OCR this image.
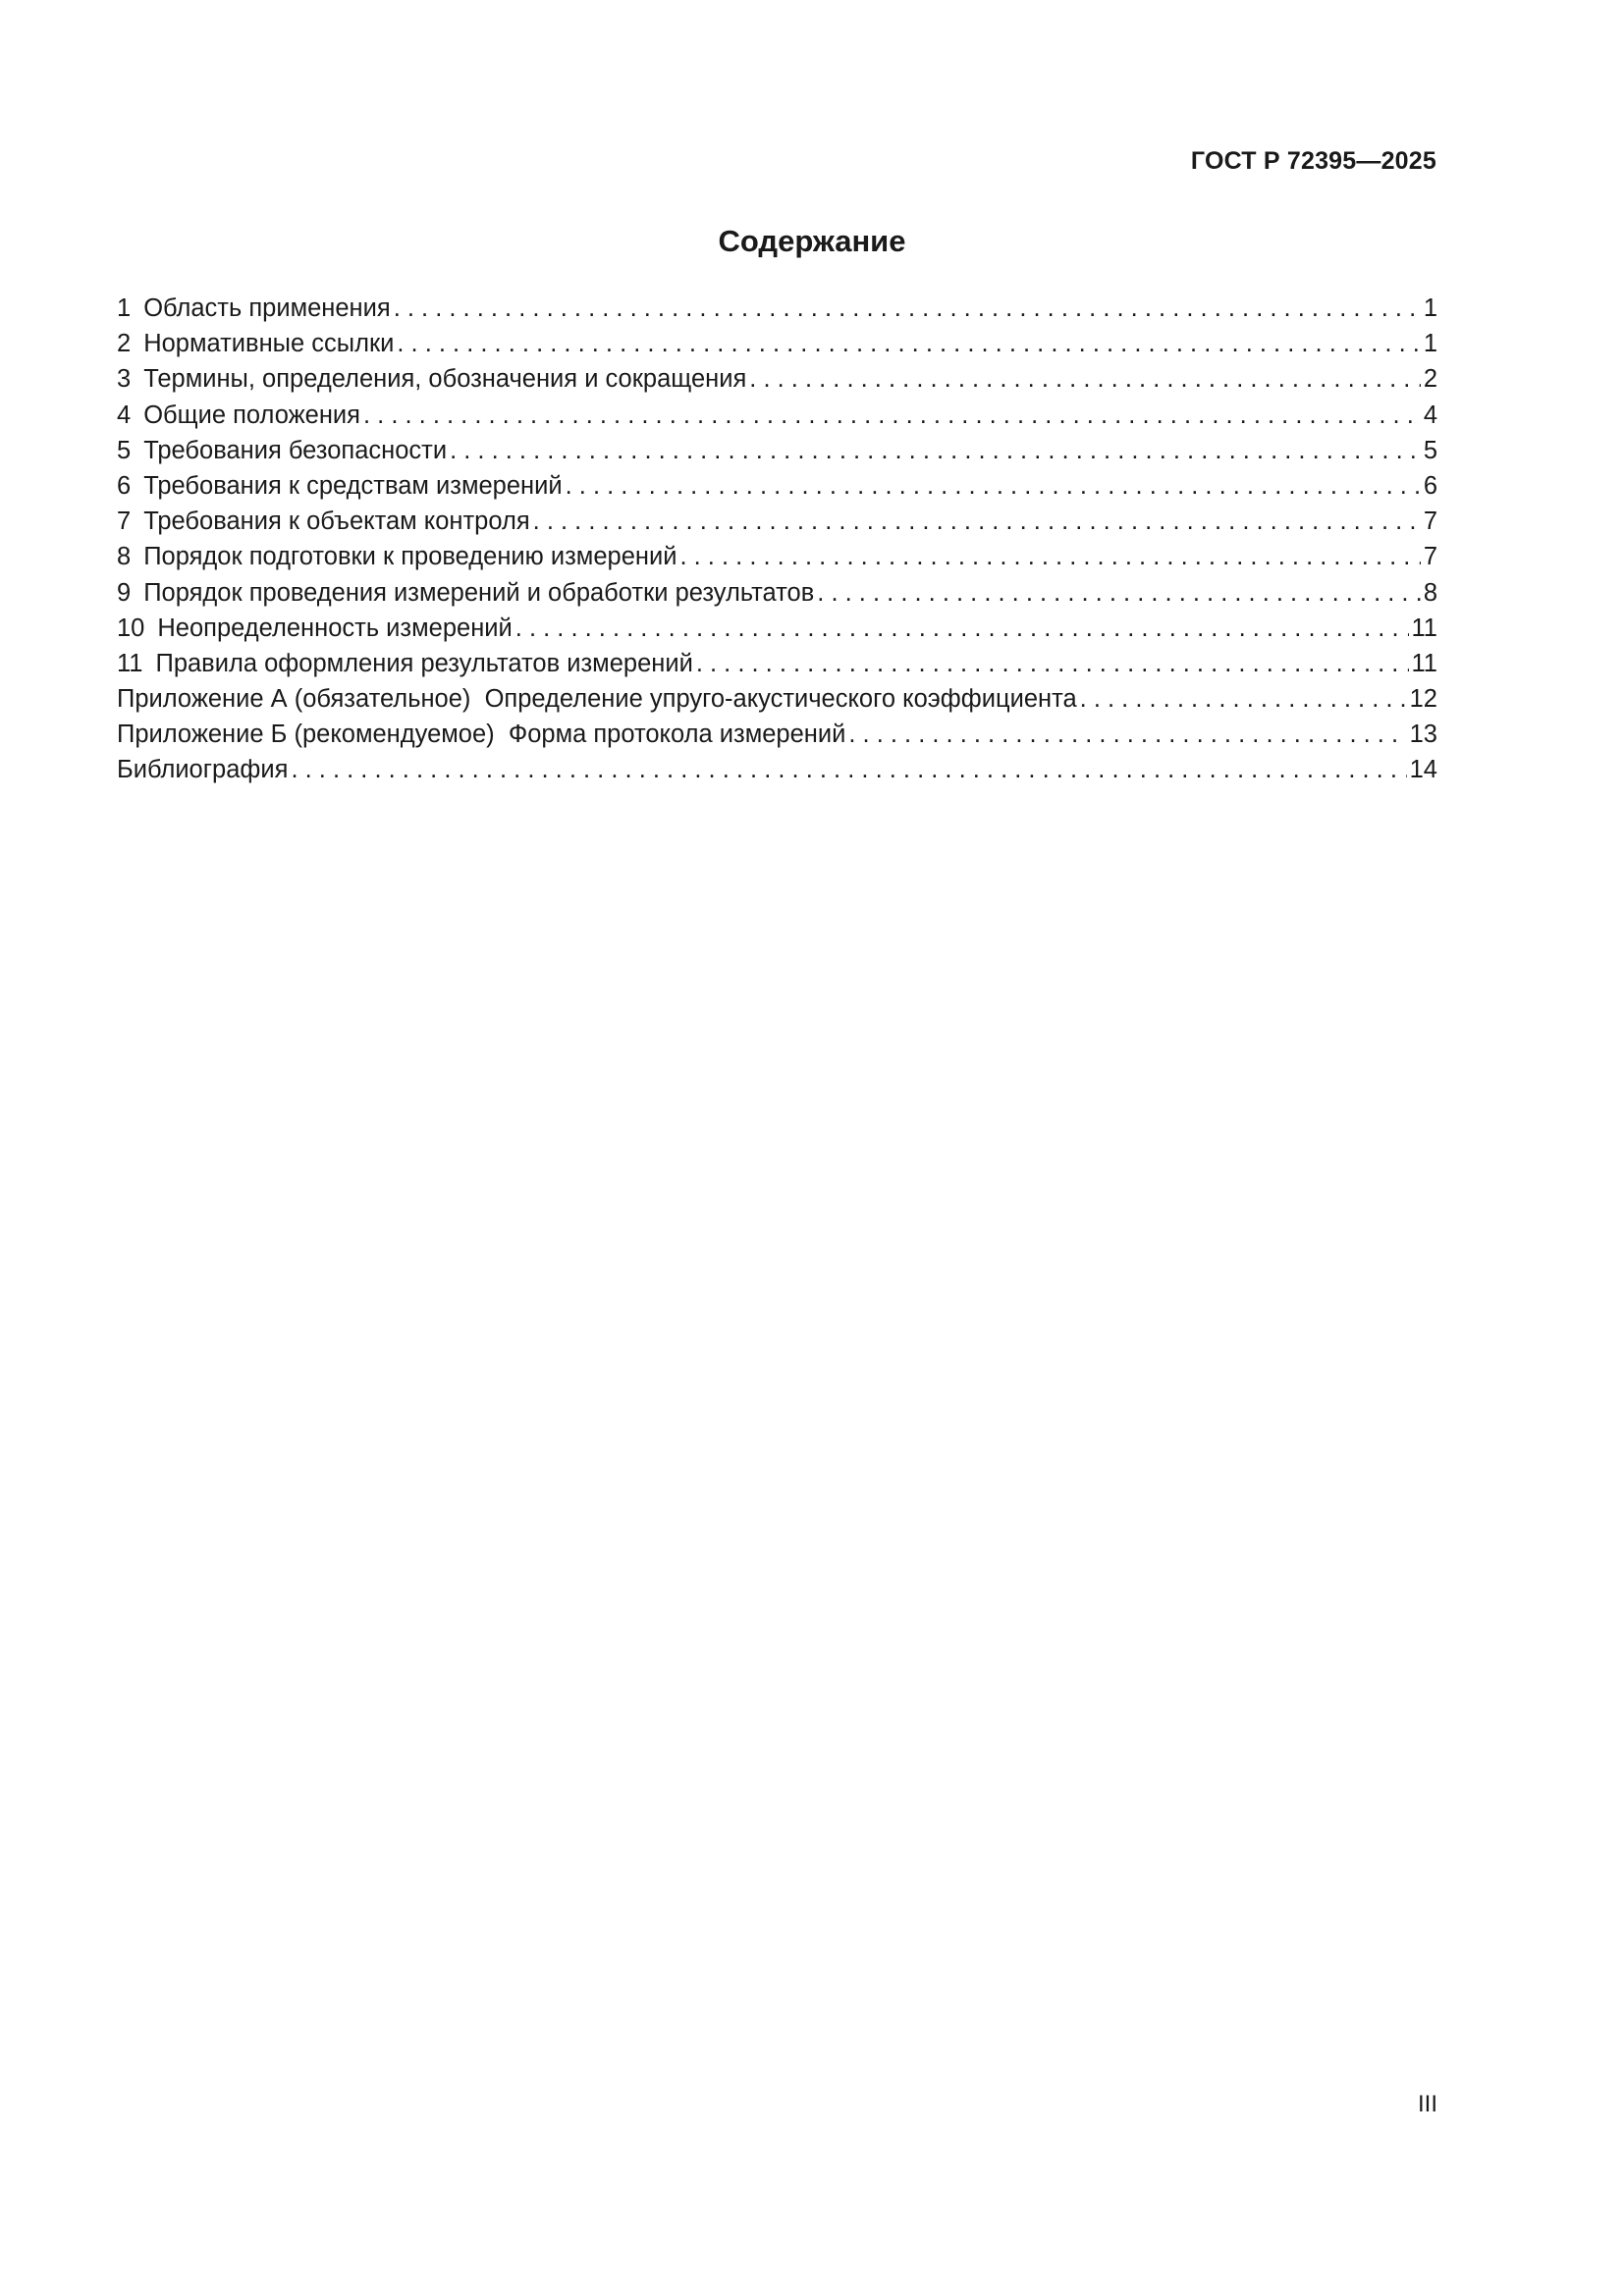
ГОСТ Р 72395—2025
Содержание
1 Область применения . . .	1
2 Нормативные ссылки . . .	1
3 Термины, определения, обозначения и сокращения . . .	2
4 Общие положения . . .	4
5 Требования безопасности . . .	5
6 Требования к средствам измерений . . .	6
7 Требования к объектам контроля . . .	7
8 Порядок подготовки к проведению измерений . . .	7
9 Порядок проведения измерений и обработки результатов . . .	8
10 Неопределенность измерений . . .	11
11 Правила оформления результатов измерений . . .	11
Приложение А (обязательное)  Определение упруго-акустического коэффициента . . .	12
Приложение Б (рекомендуемое)  Форма протокола измерений . . .	13
Библиография . . .	14
III
